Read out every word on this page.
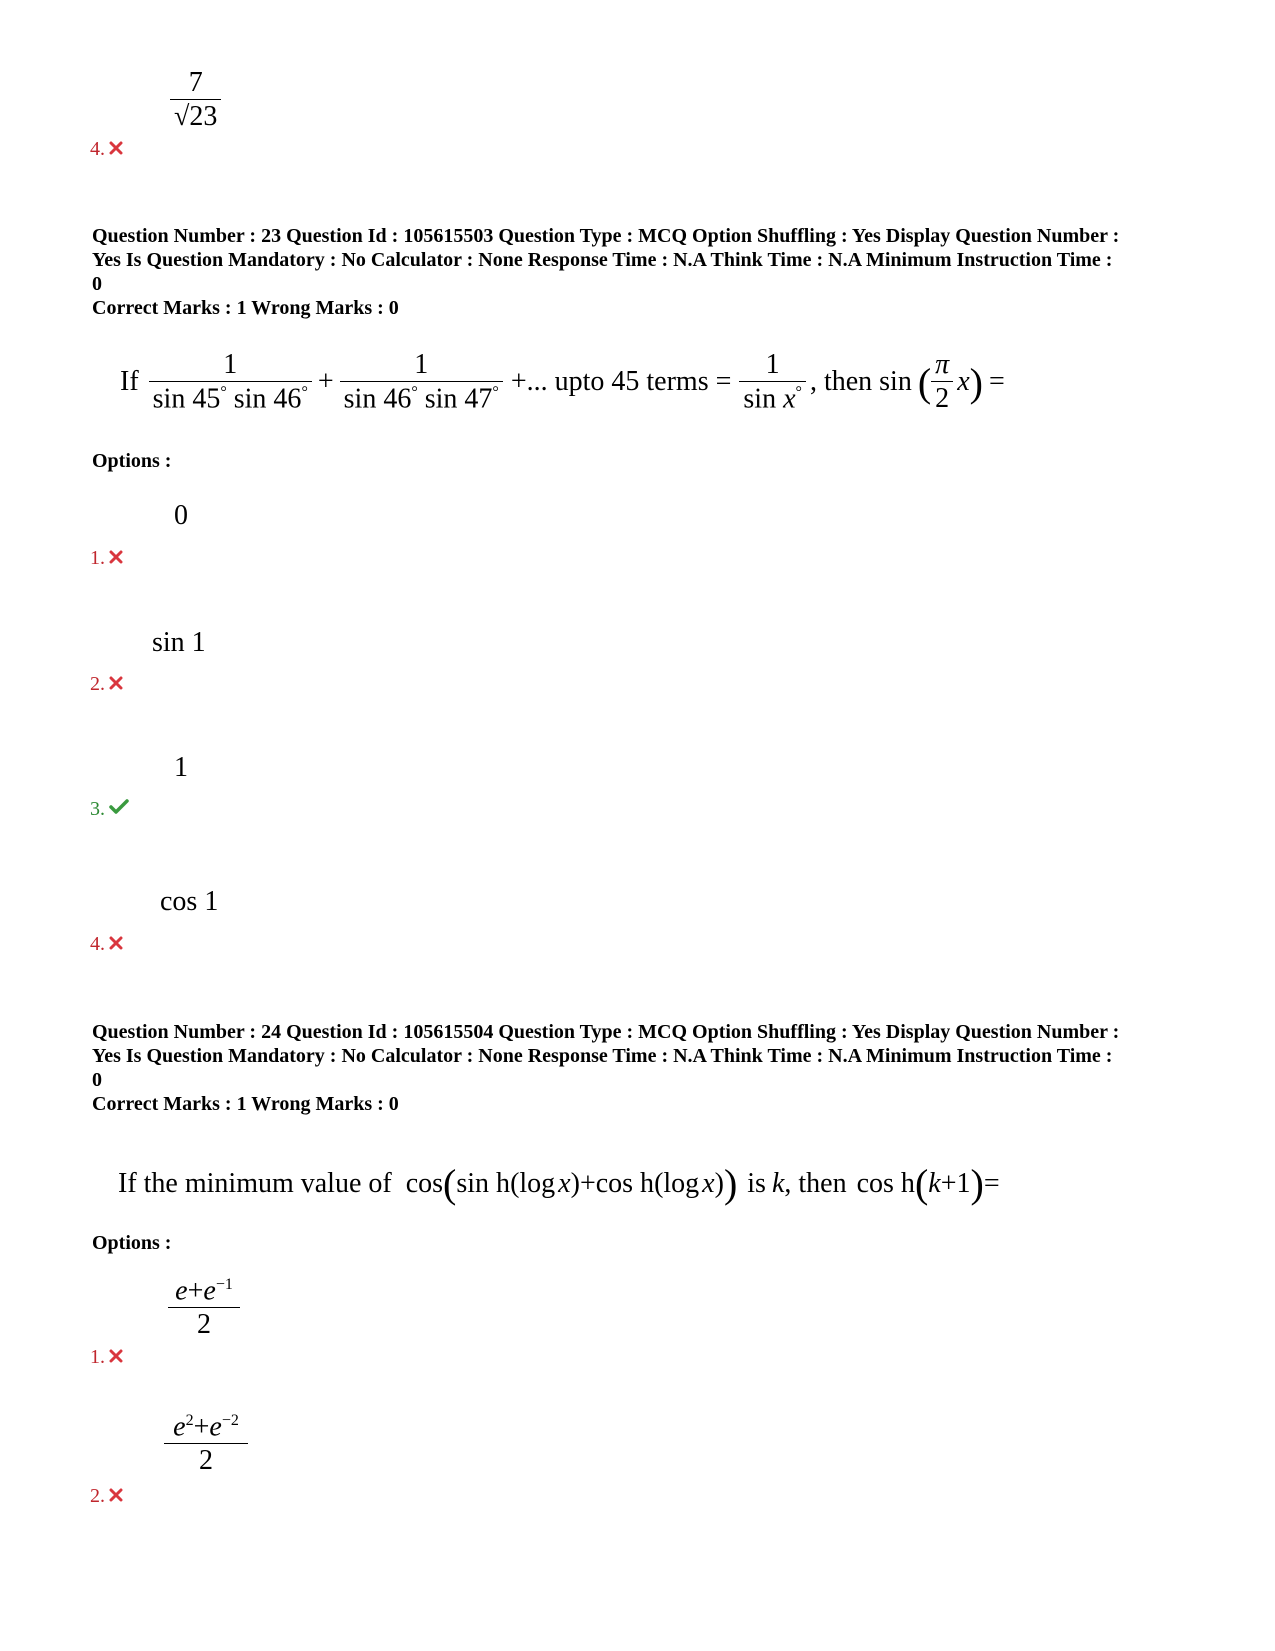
$\frac{7}{√23}$
4.
Question Number : 23 Question Id : 105615503 Question Type : MCQ Option Shuffling : Yes Display Question Number :
Yes Is Question Mandatory : No Calculator : None Response Time : N.A Think Time : N.A Minimum Instruction Time :
0
Correct Marks : 1 Wrong Marks : 0
If $\frac{1}{\sin 45^\circ \sin 46^\circ} + \frac{1}{\sin 46^\circ \sin 47^\circ}$ +... upto 45 terms = $\frac{1}{\sin x^\circ}$ , then sin ( $\frac{\pi}{2}$ x ) =
Options :
0
1.
sin 1
2.
1
3.
cos 1
4.
Question Number : 24 Question Id : 105615504 Question Type : MCQ Option Shuffling : Yes Display Question Number :
Yes Is Question Mandatory : No Calculator : None Response Time : N.A Think Time : N.A Minimum Instruction Time :
0
Correct Marks : 1 Wrong Marks : 0
If the minimum value of cos ( sin h ( log x ) + cos h ( log x ) ) is k , then cos h ( k +1 ) =
Options :
$\frac{e+e^{-1}}{2}$
1.
$\frac{e^2+e^{-2}}{2}$
2.
